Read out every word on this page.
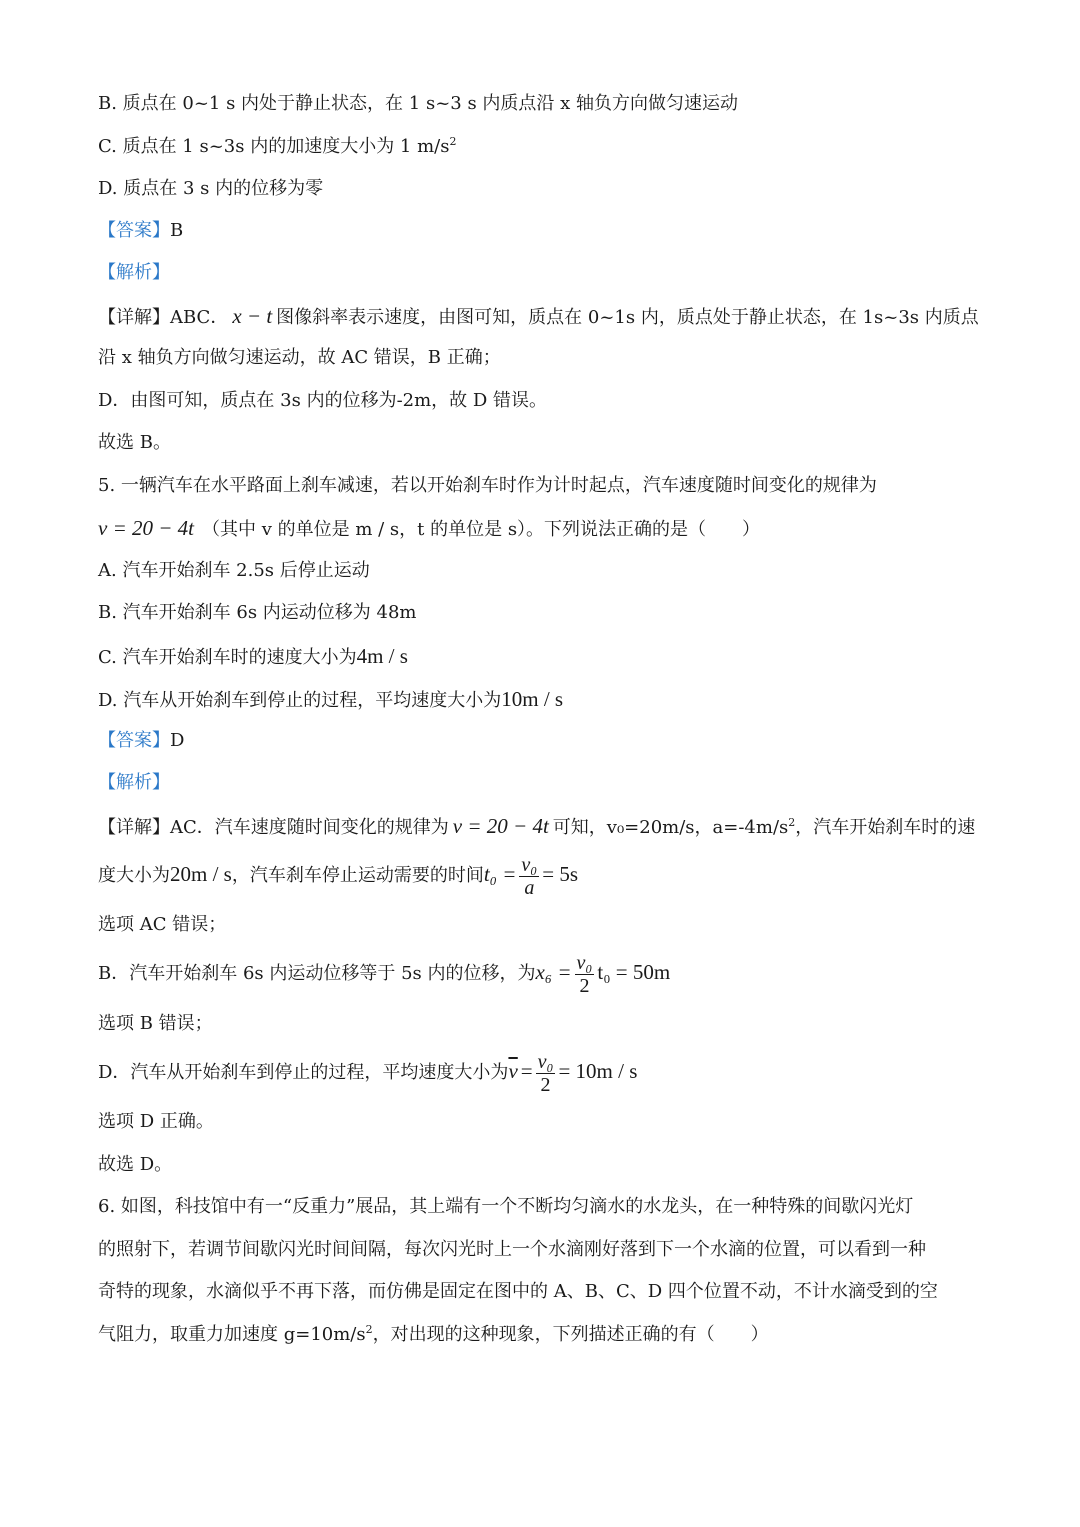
B. 质点在 0~1 s 内处于静止状态，在 1 s~3 s 内质点沿 x 轴负方向做匀速运动
C. 质点在 1 s~3s 内的加速度大小为 1 $m/s^2$
D. 质点在 3 s 内的位移为零
【答案】B
【解析】
【详解】ABC． x − t 图像斜率表示速度，由图可知，质点在 0~1s 内，质点处于静止状态，在 1s~3s 内质点
沿 x 轴负方向做匀速运动，故 AC 错误，B 正确；
D．由图可知，质点在 3s 内的位移为-2m，故 D 错误。
故选 B。
5. 一辆汽车在水平路面上刹车减速，若以开始刹车时作为计时起点，汽车速度随时间变化的规律为
v = 20 − 4t （其中 v 的单位是 m / s，t 的单位是 s）。下列说法正确的是（　　）
A. 汽车开始刹车 2.5s 后停止运动
B. 汽车开始刹车 6s 内运动位移为 48m
C. 汽车开始刹车时的速度大小为4m / s
D. 汽车从开始刹车到停止的过程，平均速度大小为10m / s
【答案】D
【解析】
【详解】AC．汽车速度随时间变化的规律为 v = 20 − 4t 可知，v₀=20m/s，$a=-4m/s^2$，汽车开始刹车时的速
度大小为20m / s，汽车刹车停止运动需要的时间$t_0 = \frac{\text{v₀}}{a} = 5s$
选项 AC 错误；
B．汽车开始刹车 6s 内运动位移等于 5s 内的位移，为$x_6 = \frac{\text{v₀}}{2} t_0 = 50m$
选项 B 错误；
D．汽车从开始刹车到停止的过程，平均速度大小为$\overline{v} = \frac{\text{v₀}}{2} = 10m / s$
选项 D 正确。
故选 D。
6. 如图，科技馆中有一“反重力”展品，其上端有一个不断均匀滴水的水龙头，在一种特殊的间歇闪光灯
的照射下，若调节间歇闪光时间间隔，每次闪光时上一个水滴刚好落到下一个水滴的位置，可以看到一种
奇特的现象，水滴似乎不再下落，而仿佛是固定在图中的 A、B、C、D 四个位置不动，不计水滴受到的空
气阻力，取重力加速度 $g=10m/s^2$，对出现的这种现象，下列描述正确的有（　　）
